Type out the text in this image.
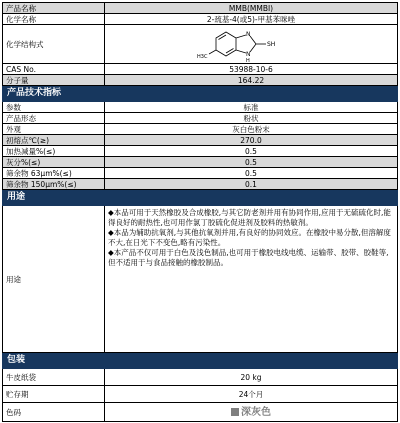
产品名称	MMB(MMBI)
化学名称	2-巯基-4(或5)-甲基苯咪唑
化学结构式	H3C
N
N
H
SH

CAS No.	53988-10-6
分子量	164.22
产品技术指标	
参数	标准
产品形态	粉状
外观	灰白色粉末
初熔点℃(≥)	270.0
加热减量%(≤)	0.5
灰分%(≤)	0.5
筛余物 63μm%(≤)	0.5
筛余物 150μm%(≤)	0.1
用途	
用途	◆本品可用于天然橡胶及合成橡胶,与其它防老剂并用有协同作用,应用于无硫硫化时,能得良好的耐热性,也可用作氯丁胶硫化促进剂及胶料的热敏剂。

◆本品为辅助抗氧剂,与其他抗氧剂并用,有良好的协同效应。在橡胶中易分散,但溶解度不大,在日光下不变色,略有污染性。

◆本产品不仅可用于白色及浅色制品,也可用于橡胶电线电缆、运输带、胶带、胶鞋等,但不适用于与食品接触的橡胶制品。

包装	
牛皮纸袋	20 kg
贮存期	24个月
色码	深灰色
